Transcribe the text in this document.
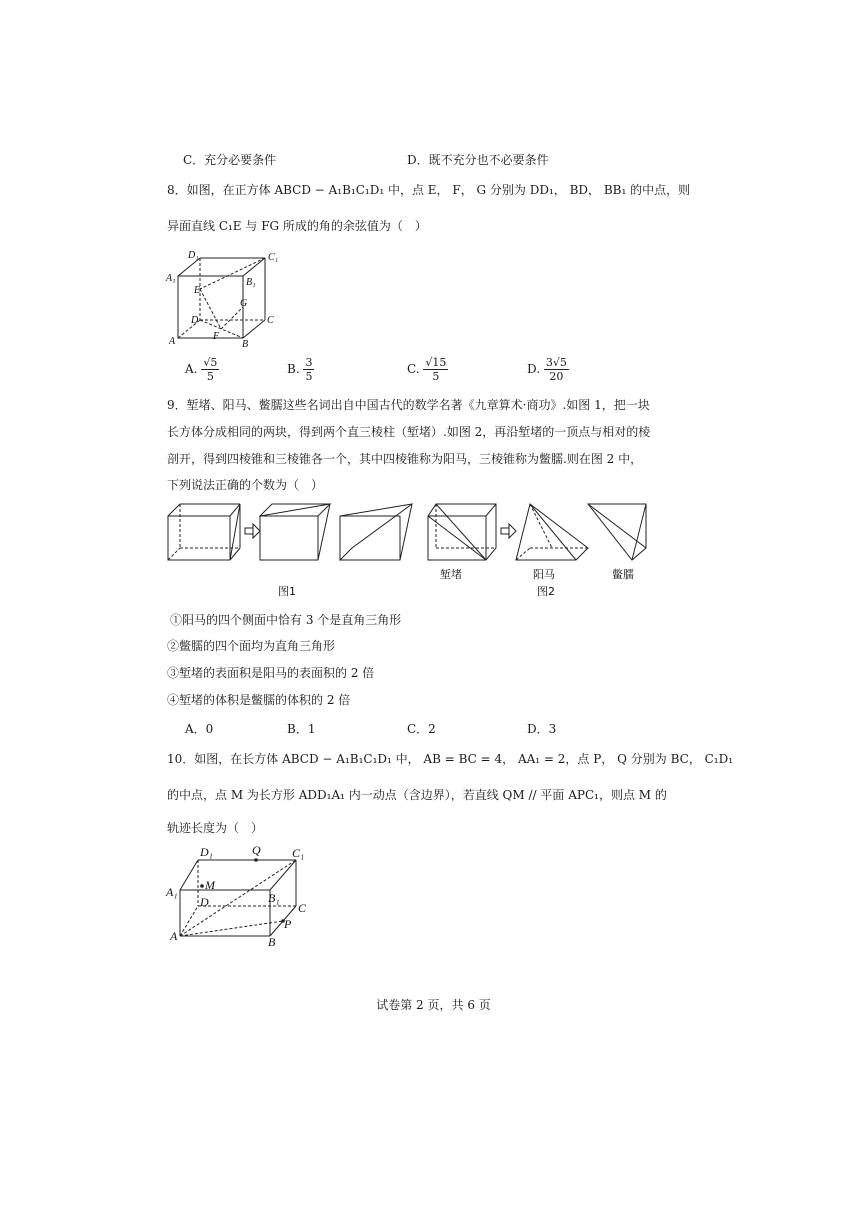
C．充分必要条件	D．既不充分也不必要条件
8．如图，在正方体 ABCD − A₁B₁C₁D₁ 中，点 E， F， G 分别为 DD₁， BD， BB₁ 的中点，则
异面直线 C₁E 与 FG 所成的角的余弦值为（　）
D₁	C₁
A₁	B₁
E
G
D	C
F
A	B
A. $\frac{√5}{5}$	B. $\frac{3}{5}$	C. $\frac{√15}{5}$	D. $\frac{3√5}{20}$
9．堑堵、阳马、鳖臑这些名词出自中国古代的数学名著《九章算术·商功》.如图 1，把一块
长方体分成相同的两块，得到两个直三棱柱（堑堵）.如图 2，再沿堑堵的一顶点与相对的棱
剖开，得到四棱锥和三棱锥各一个，其中四棱锥称为阳马，三棱锥称为鳖臑.则在图 2 中，
下列说法正确的个数为（　）
图1
堑堵	阳马
图2
鳖臑
①阳马的四个侧面中恰有 3 个是直角三角形
②鳖臑的四个面均为直角三角形
③堑堵的表面积是阳马的表面积的 2 倍
④堑堵的体积是鳖臑的体积的 2 倍
A．0	B．1	C．2	D．3
10．如图，在长方体 ABCD − A₁B₁C₁D₁ 中， AB = BC = 4， AA₁ = 2，点 P， Q 分别为 BC， C₁D₁
的中点，点 M 为长方形 ADD₁A₁ 内一动点（含边界），若直线 QM // 平面 APC₁，则点 M 的
轨迹长度为（　）
D₁	Q	C₁
A₁ M
B₁
D	C
P
A	B
试卷第 2 页，共 6 页
